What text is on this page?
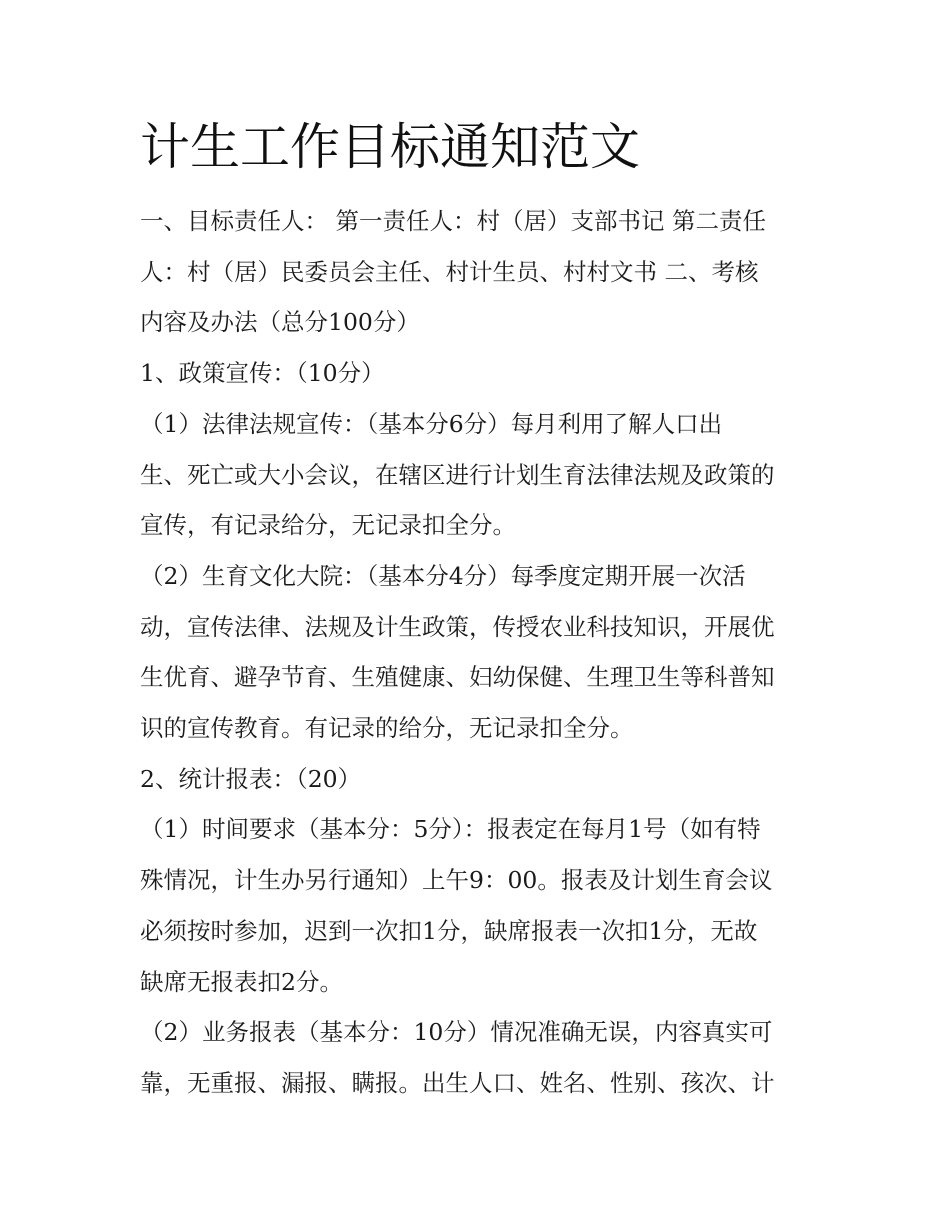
计生工作目标通知范文

一、目标责任人： 第一责任人：村（居）支部书记 第二责任
人：村（居）民委员会主任、村计生员、村村文书 二、考核
内容及办法（总分100分）

1、政策宣传：（10分）

（1）法律法规宣传：（基本分6分）每月利用了解人口出
生、死亡或大小会议，在辖区进行计划生育法律法规及政策的
宣传，有记录给分，无记录扣全分。

（2）生育文化大院：（基本分4分）每季度定期开展一次活
动，宣传法律、法规及计生政策，传授农业科技知识，开展优
生优育、避孕节育、生殖健康、妇幼保健、生理卫生等科普知
识的宣传教育。有记录的给分，无记录扣全分。

2、统计报表：（20）

（1）时间要求（基本分：5分）：报表定在每月1号（如有特
殊情况，计生办另行通知）上午9：00。报表及计划生育会议
必须按时参加，迟到一次扣1分，缺席报表一次扣1分，无故
缺席无报表扣2分。

（2）业务报表（基本分：10分）情况准确无误，内容真实可
靠，无重报、漏报、瞒报。出生人口、姓名、性别、孩次、计
